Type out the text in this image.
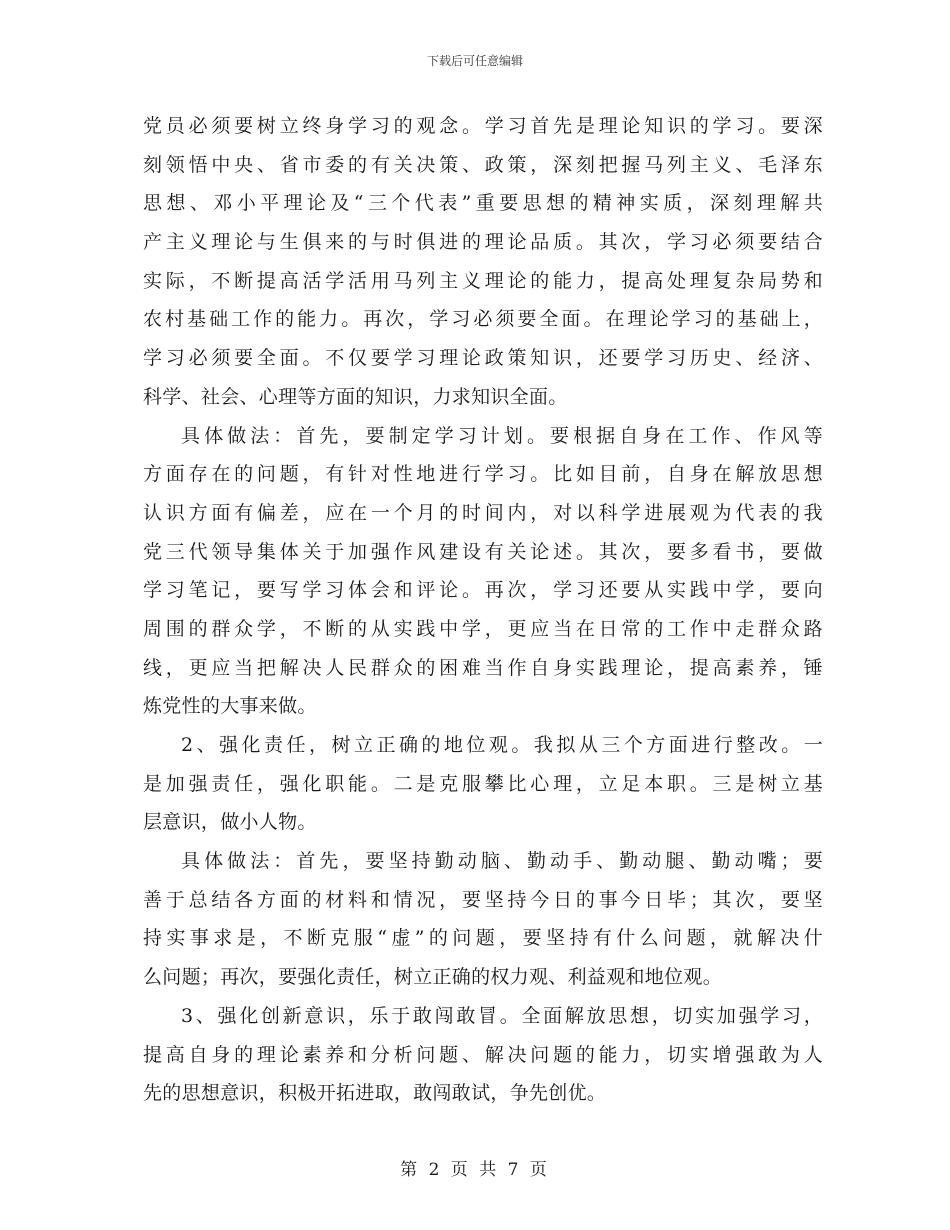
下载后可任意编辑
党员必须要树立终身学习的观念。学习首先是理论知识的学习。要深
刻领悟中央、省市委的有关决策、政策，深刻把握马列主义、毛泽东
思想、邓小平理论及“三个代表”重要思想的精神实质，深刻理解共
产主义理论与生俱来的与时俱进的理论品质。其次，学习必须要结合
实际，不断提高活学活用马列主义理论的能力，提高处理复杂局势和
农村基础工作的能力。再次，学习必须要全面。在理论学习的基础上，
学习必须要全面。不仅要学习理论政策知识，还要学习历史、经济、
科学、社会、心理等方面的知识，力求知识全面。
具体做法：首先，要制定学习计划。要根据自身在工作、作风等
方面存在的问题，有针对性地进行学习。比如目前，自身在解放思想
认识方面有偏差，应在一个月的时间内，对以科学进展观为代表的我
党三代领导集体关于加强作风建设有关论述。其次，要多看书，要做
学习笔记，要写学习体会和评论。再次，学习还要从实践中学，要向
周围的群众学，不断的从实践中学，更应当在日常的工作中走群众路
线，更应当把解决人民群众的困难当作自身实践理论，提高素养，锤
炼党性的大事来做。
2、强化责任，树立正确的地位观。我拟从三个方面进行整改。一
是加强责任，强化职能。二是克服攀比心理，立足本职。三是树立基
层意识，做小人物。
具体做法：首先，要坚持勤动脑、勤动手、勤动腿、勤动嘴；要
善于总结各方面的材料和情况，要坚持今日的事今日毕；其次，要坚
持实事求是，不断克服“虚”的问题，要坚持有什么问题，就解决什
么问题；再次，要强化责任，树立正确的权力观、利益观和地位观。
3、强化创新意识，乐于敢闯敢冒。全面解放思想，切实加强学习，
提高自身的理论素养和分析问题、解决问题的能力，切实增强敢为人
先的思想意识，积极开拓进取，敢闯敢试，争先创优。
第 2 页 共 7 页
